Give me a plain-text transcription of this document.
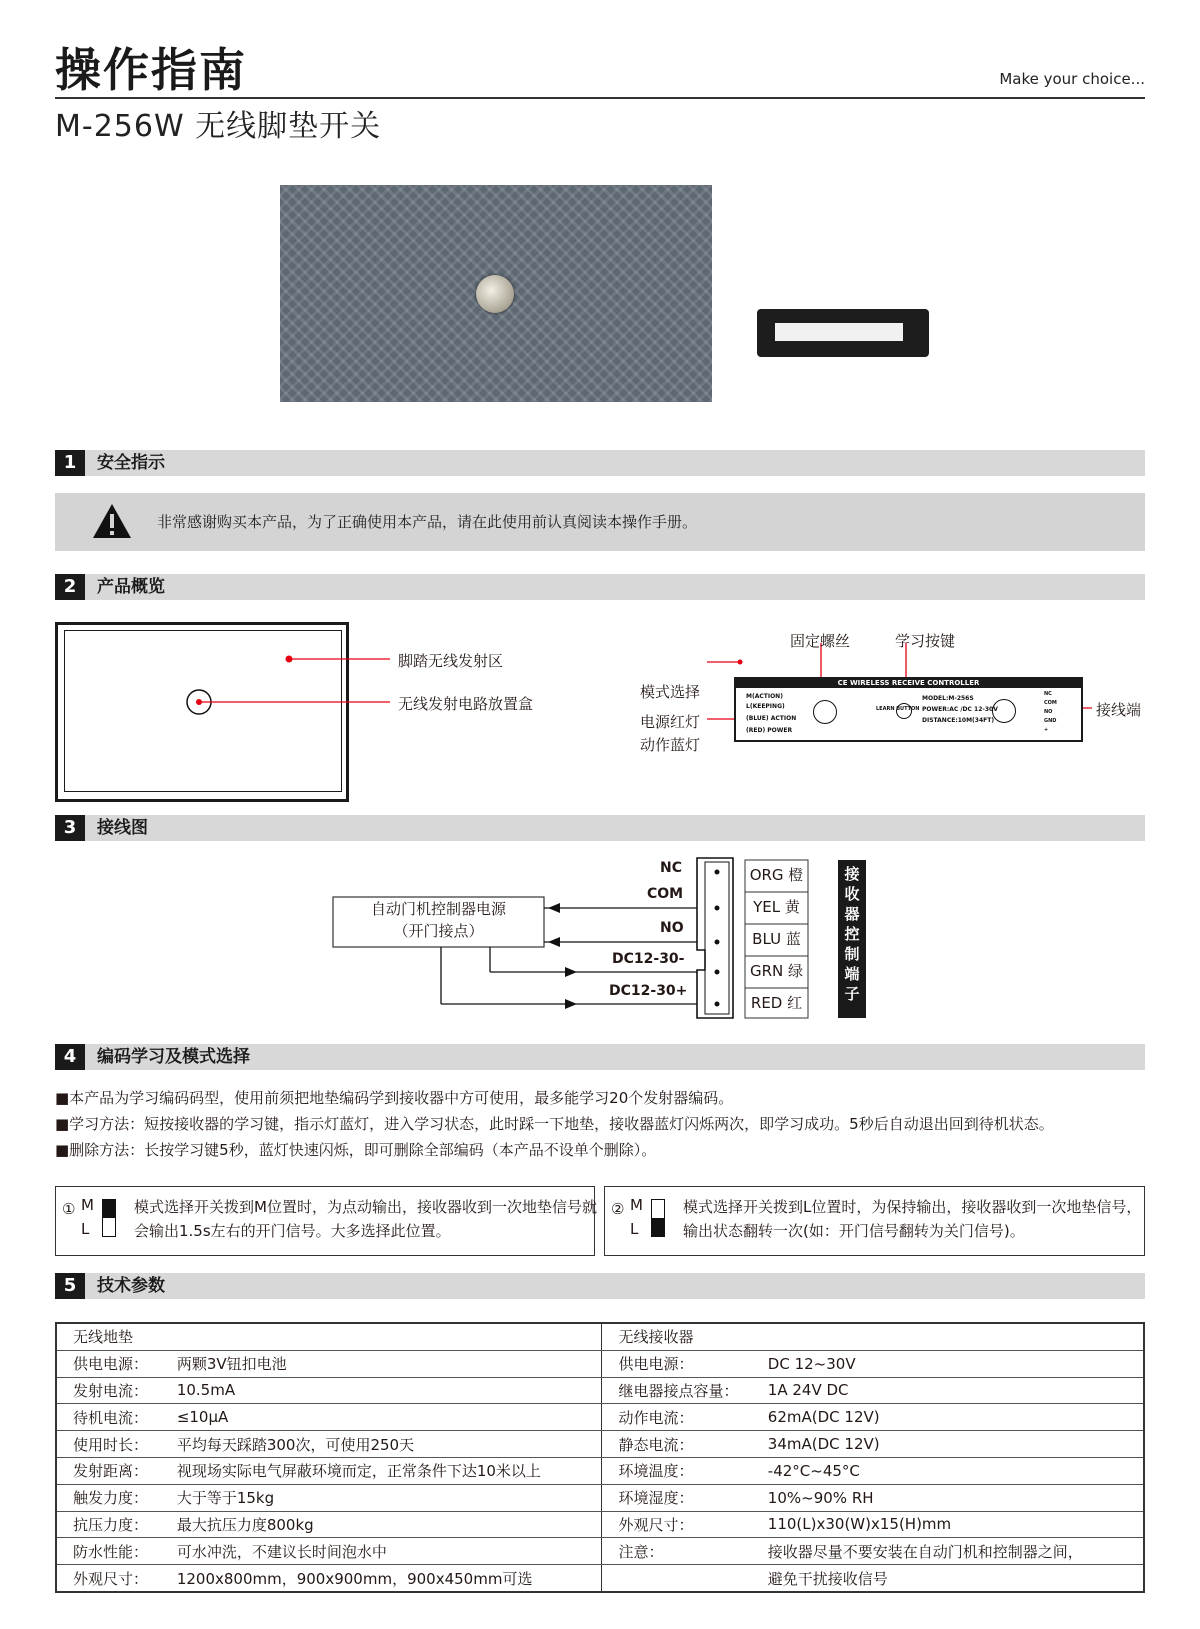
操作指南	Make your choice...
M-256W 无线脚垫开关
1	安全指示
非常感谢购买本产品，为了正确使用本产品，请在此使用前认真阅读本操作手册。
2	产品概览
脚踏无线发射区
无线发射电路放置盒
固定螺丝	学习按键
模式选择
电源红灯
动作蓝灯
接线端
CE WIRELESS RECEIVE CONTROLLER
M(ACTION)
L(KEEPING)
(BLUE) ACTION
(RED) POWER
LEARN BUTTON
MODEL:M-256S
POWER:AC /DC 12-30V
DISTANCE:10M(34FT)
NC
COM
NO
GND
+
3	接线图
自动门机控制器电源
（开门接点）
NC
COM
NO
DC12-30-
DC12-30+
ORG 橙
YEL 黄
BLU 蓝
GRN 绿
RED 红
接
收
器
控
制
端
子
4	编码学习及模式选择
■本产品为学习编码码型，使用前须把地垫编码学到接收器中方可使用，最多能学习20个发射器编码。
■学习方法：短按接收器的学习键，指示灯蓝灯，进入学习状态，此时踩一下地垫，接收器蓝灯闪烁两次，即学习成功。5秒后自动退出回到待机状态。
■删除方法：长按学习键5秒，蓝灯快速闪烁，即可删除全部编码（本产品不设单个删除）。
① M
L
模式选择开关拨到M位置时，为点动输出，接收器收到一次地垫信号就会输出1.5s左右的开门信号。大多选择此位置。
② M
L
模式选择开关拨到L位置时，为保持输出，接收器收到一次地垫信号，输出状态翻转一次(如：开门信号翻转为关门信号)。
5	技术参数
无线地垫		无线接收器	
供电电源：	两颗3V钮扣电池	供电电源：	DC 12~30V
发射电流：	10.5mA	继电器接点容量：	1A 24V DC
待机电流：	≤10μA	动作电流：	62mA(DC 12V)
使用时长：	平均每天踩踏300次，可使用250天	静态电流：	34mA(DC 12V)
发射距离：	视现场实际电气屏蔽环境而定，正常条件下达10米以上	环境温度：	-42°C~45°C
触发力度：	大于等于15kg	环境湿度：	10%~90% RH
抗压力度：	最大抗压力度800kg	外观尺寸：	110(L)x30(W)x15(H)mm
防水性能：	可水冲洗，不建议长时间泡水中	注意：	接收器尽量不要安装在自动门机和控制器之间，
外观尺寸：	1200x800mm，900x900mm，900x450mm可选		避免干扰接收信号
